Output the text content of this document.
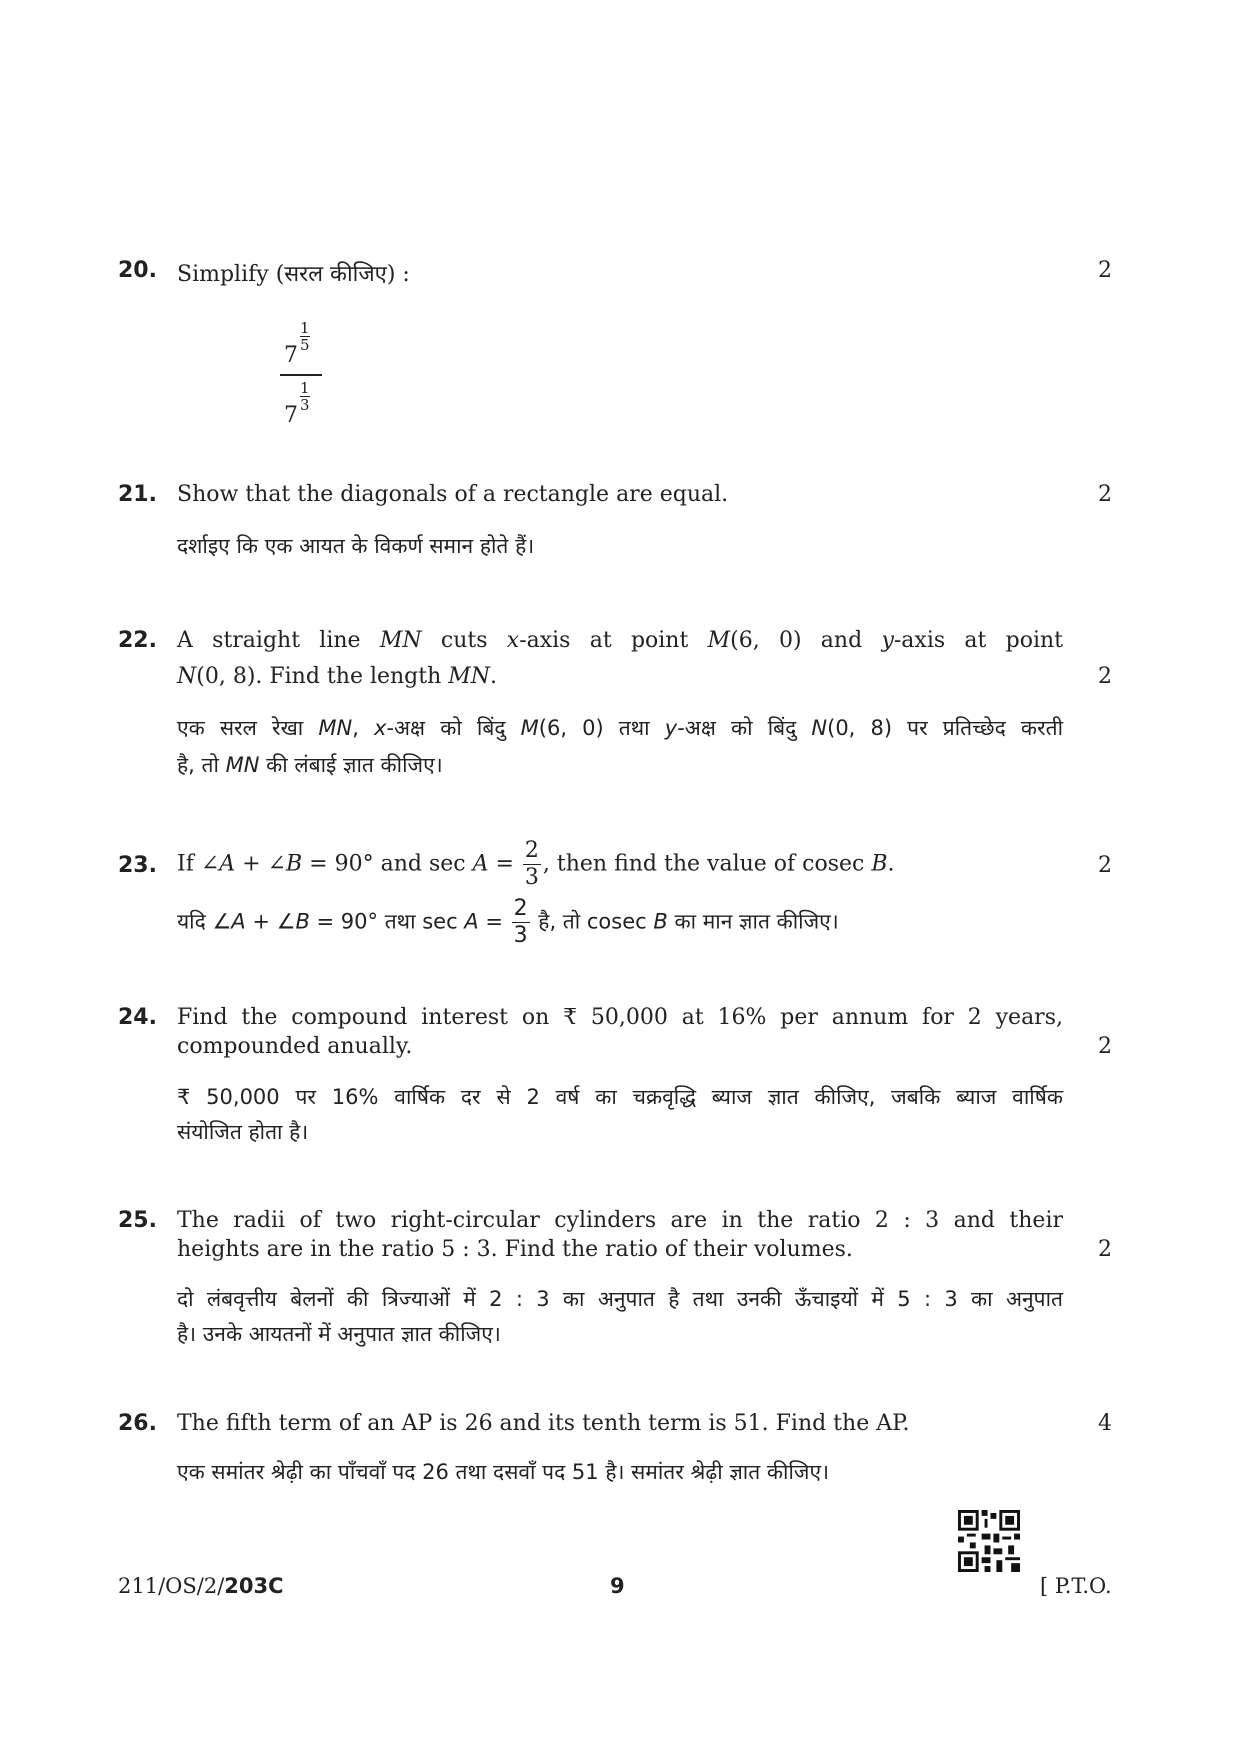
20. Simplify (सरल कीजिए) :	2
7
1
5
7
1
3
21. Show that the diagonals of a rectangle are equal.	2
दर्शाइए कि एक आयत के विकर्ण समान होते हैं।
22. A straight line MN cuts x-axis at point M(6, 0) and y-axis at point
N(0, 8). Find the length MN.	2
एक सरल रेखा MN, x-अक्ष को बिंदु M(6, 0) तथा y-अक्ष को बिंदु N(0, 8) पर प्रतिच्छेद करती
है, तो MN की लंबाई ज्ञात कीजिए।
23. If ∠A + ∠B = 90° and $\sec A = \frac{2}{3}$ , then find the value of cosec B.	2
यदि ∠A + ∠B = 90° तथा $\sec A = \frac{2}{3}$ है, तो cosec B का मान ज्ञात कीजिए।
24. Find the compound interest on ₹ 50,000 at 16% per annum for 2 years,
compounded anually.	2
₹ 50,000 पर 16% वार्षिक दर से 2 वर्ष का चक्रवृद्धि ब्याज ज्ञात कीजिए, जबकि ब्याज वार्षिक
संयोजित होता है।
25. The radii of two right-circular cylinders are in the ratio 2 : 3 and their
heights are in the ratio 5 : 3. Find the ratio of their volumes.	2
दो लंबवृत्तीय बेलनों की त्रिज्याओं में 2 : 3 का अनुपात है तथा उनकी ऊँचाइयों में 5 : 3 का अनुपात
है। उनके आयतनों में अनुपात ज्ञात कीजिए।
26. The fifth term of an AP is 26 and its tenth term is 51. Find the AP.	4
एक समांतर श्रेढ़ी का पाँचवाँ पद 26 तथा दसवाँ पद 51 है। समांतर श्रेढ़ी ज्ञात कीजिए।
211/OS/2/203C	9	[ P.T.O.
